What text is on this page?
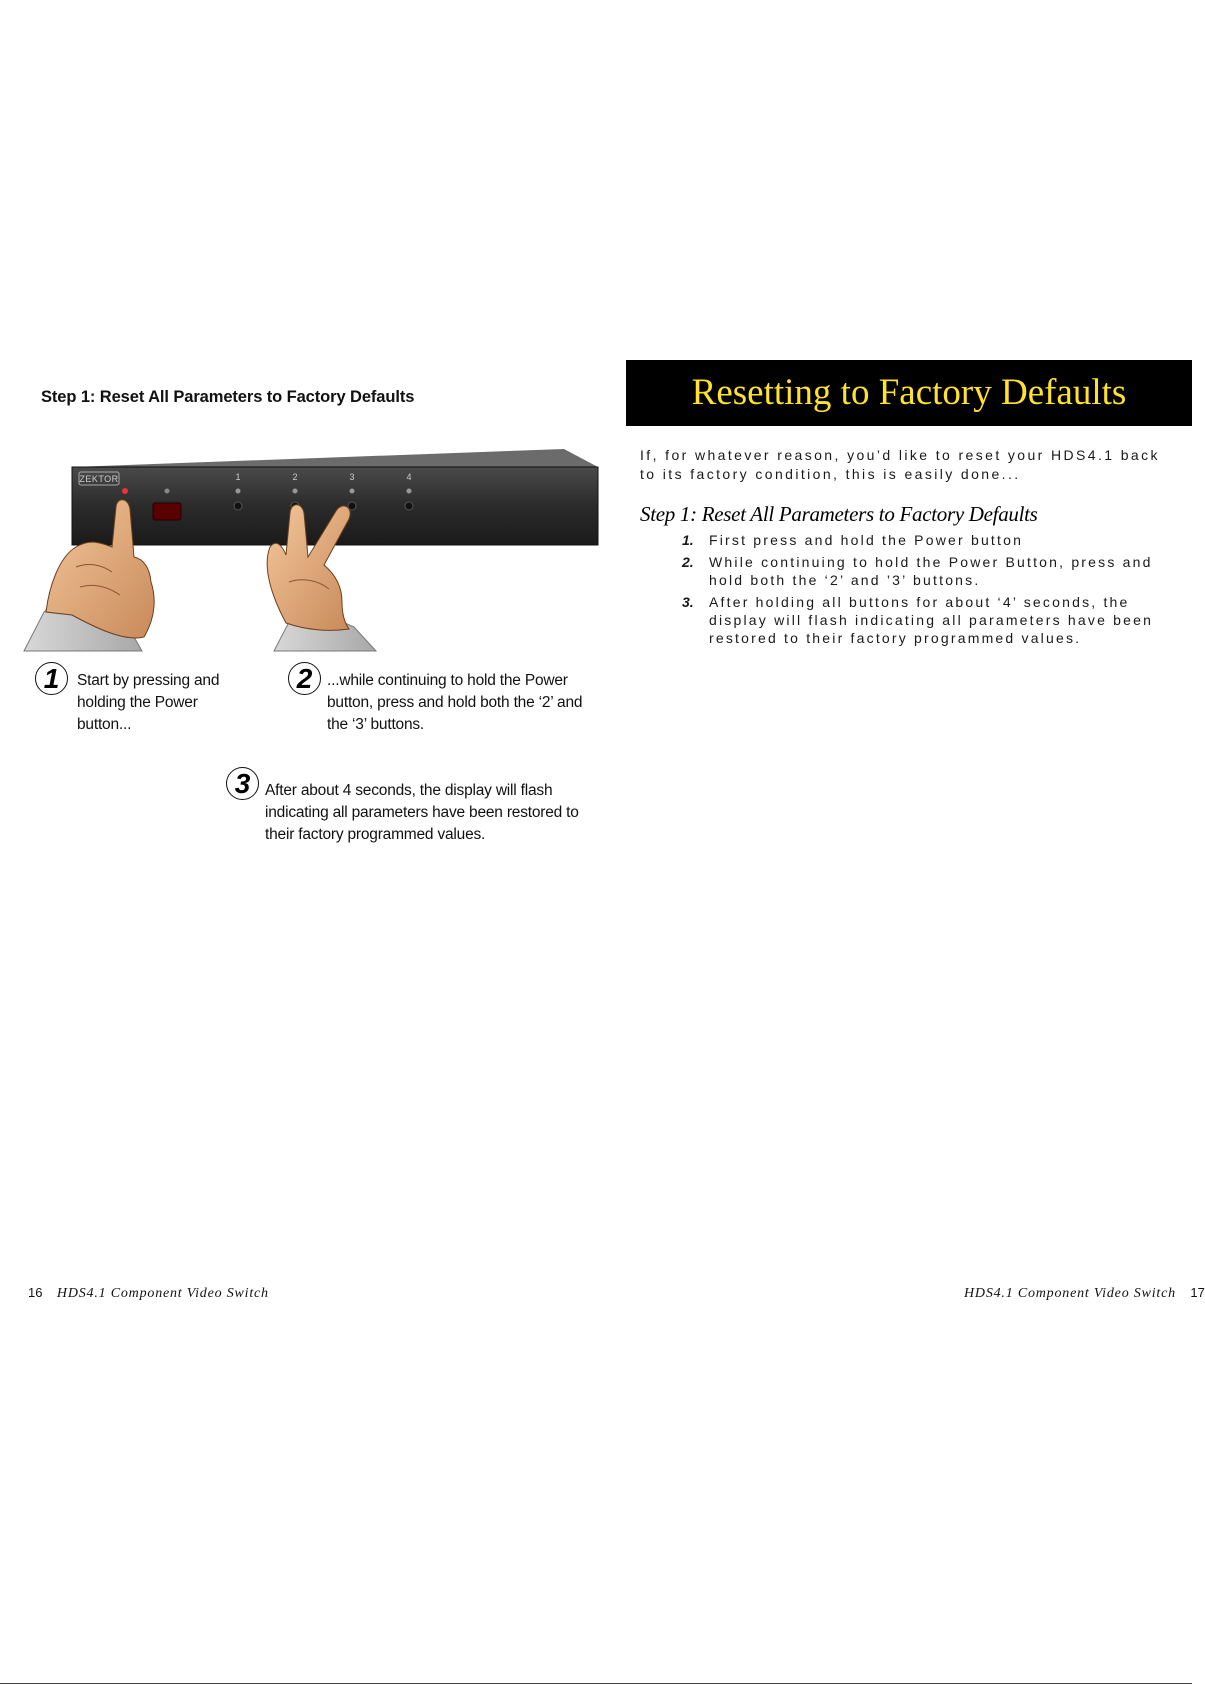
Step 1: Reset All Parameters to Factory Defaults
ZEKTOR	1	2	3	4
1	Start by pressing and holding the Power button...
2 ...while continuing to hold the Power button, press and hold both the ‘2’ and the ‘3’ buttons.
3 After about 4 seconds, the display will flash indicating all parameters have been restored to their factory programmed values.
16 HDS4.1 Component Video Switch
Resetting to Factory Defaults
If, for whatever reason, you’d like to reset your HDS4.1 back to its factory condition, this is easily done...
Step 1: Reset All Parameters to Factory Defaults
1. First press and hold the Power button
2. While continuing to hold the Power Button, press and hold both the ‘2’ and ’3’ buttons.
3. After holding all buttons for about ‘4’ seconds, the display will flash indicating all parameters have been restored to their factory programmed values.
HDS4.1 Component Video Switch 17
